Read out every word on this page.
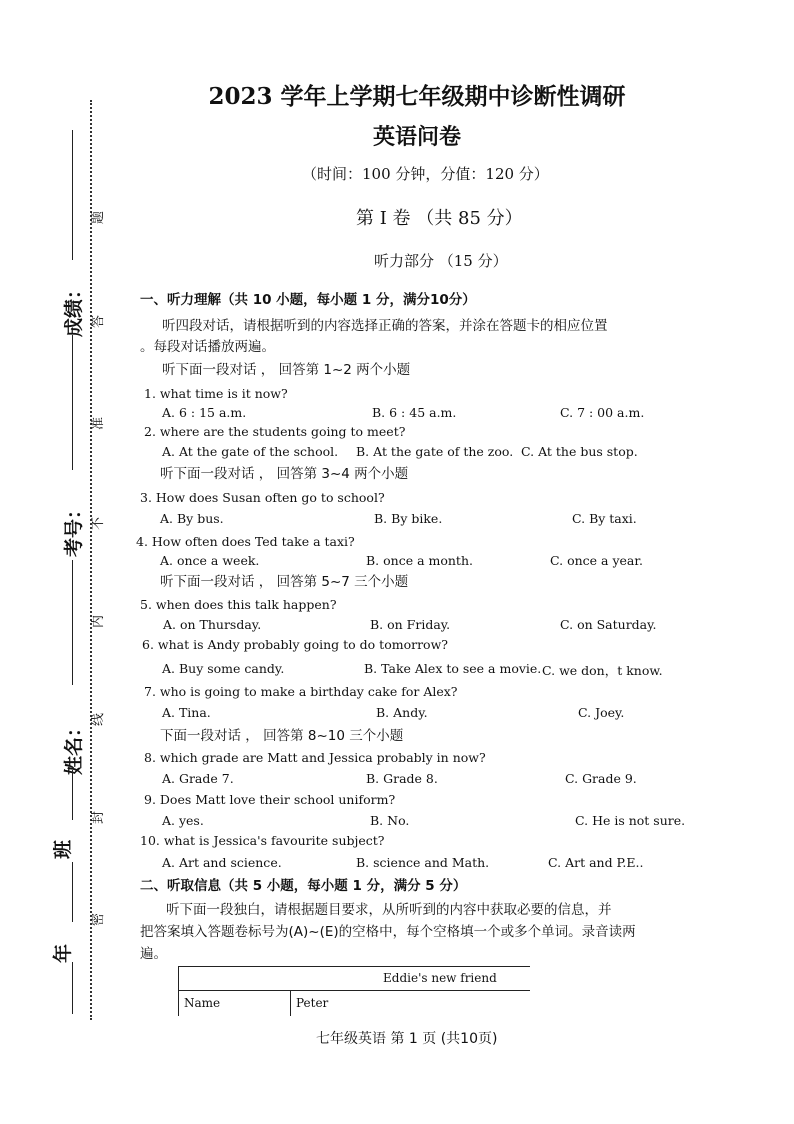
题
答
准
不
内
线
封
密
成绩：
考号：
姓名：
班
年
2023 学年上学期七年级期中诊断性调研
英语问卷
（时间：100 分钟，分值：120 分）
第 I 卷 （共 85 分）
听力部分 （15 分）
一、听力理解（共 10 小题，每小题 1 分，满分10分）
听四段对话，请根据听到的内容选择正确的答案，并涂在答题卡的相应位置
。每段对话播放两遍。
听下面一段对话 ， 回答第 1~2 两个小题
1. what time is it now?
A. 6 : 15 a.m.	B. 6 : 45 a.m.	C. 7 : 00 a.m.
2. where are the students going to meet?
A. At the gate of the school. B. At the gate of the zoo. C. At the bus stop.
听下面一段对话 ， 回答第 3~4 两个小题
3. How does Susan often go to school?
A. By bus.	B. By bike.	C. By taxi.
4. How often does Ted take a taxi?
A. once a week.	B. once a month.	C. once a year.
听下面一段对话 ， 回答第 5~7 三个小题
5. when does this talk happen?
A. on Thursday.	B. on Friday.	C. on Saturday.
6. what is Andy probably going to do tomorrow?
A. Buy some candy.	B. Take Alex to see a movie. C. we don，t know.
7. who is going to make a birthday cake for Alex?
A. Tina.	B. Andy.	C. Joey.
下面一段对话 ， 回答第 8~10 三个小题
8. which grade are Matt and Jessica probably in now?
A. Grade 7.	B. Grade 8.	C. Grade 9.
9. Does Matt love their school uniform?
A. yes.	B. No.	C. He is not sure.
10. what is Jessica's favourite subject?
A. Art and science.	B. science and Math.	C. Art and P.E..
二、听取信息（共 5 小题，每小题 1 分，满分 5 分）
听下面一段独白，请根据题目要求，从所听到的内容中获取必要的信息，并
把答案填入答题卷标号为(A)~(E)的空格中，每个空格填一个或多个单词。录音读两
遍。
Eddie's new friend
Name	Peter
七年级英语 第 1 页 (共10页)
